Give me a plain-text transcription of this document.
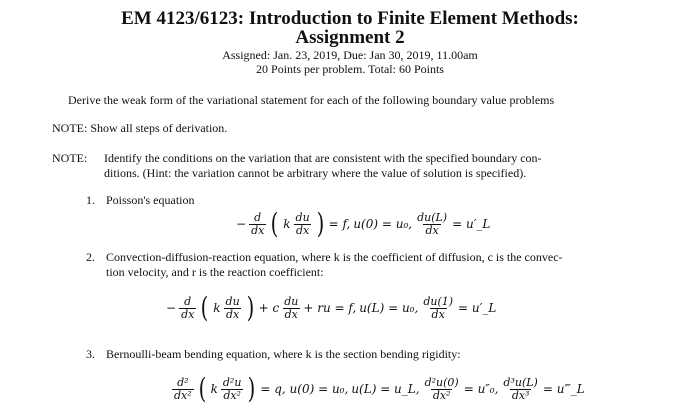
EM 4123/6123: Introduction to Finite Element Methods:
Assignment 2
Assigned: Jan. 23, 2019, Due: Jan 30, 2019, 11.00am
20 Points per problem. Total: 60 Points
Derive the weak form of the variational statement for each of the following boundary value problems
NOTE: Show all steps of derivation.
NOTE: Identify the conditions on the variation that are consistent with the specified boundary con-
ditions. (Hint: the variation cannot be arbitrary where the value of solution is specified).
1. Poisson's equation
− $\frac{d}{dx}$ ( k $\frac{du}{dx}$ ) = f, u(0) = u₀, $\frac{du(L)}{dx}$ = u′_L
2. Convection-diffusion-reaction equation, where k is the coefficient of diffusion, c is the convec-
tion velocity, and r is the reaction coefficient:
− $\frac{d}{dx}$ ( k $\frac{du}{dx}$ ) + c $\frac{du}{dx}$ + ru = f, u(L) = u₀, $\frac{du(1)}{dx}$ = u′_L
3. Bernoulli-beam bending equation, where k is the section bending rigidity:
$\frac{\text{d²}}{\text{dx²}}$ ( k $\frac{\text{d²u}}{\text{dx²}}$ ) = q, u(0) = u₀, u(L) = u_L, $\frac{\text{d²u(0)}}{\text{dx²}} = u''_0$, $\frac{\text{d³u(L)}}{\text{dx³}}$ = u‴_L
